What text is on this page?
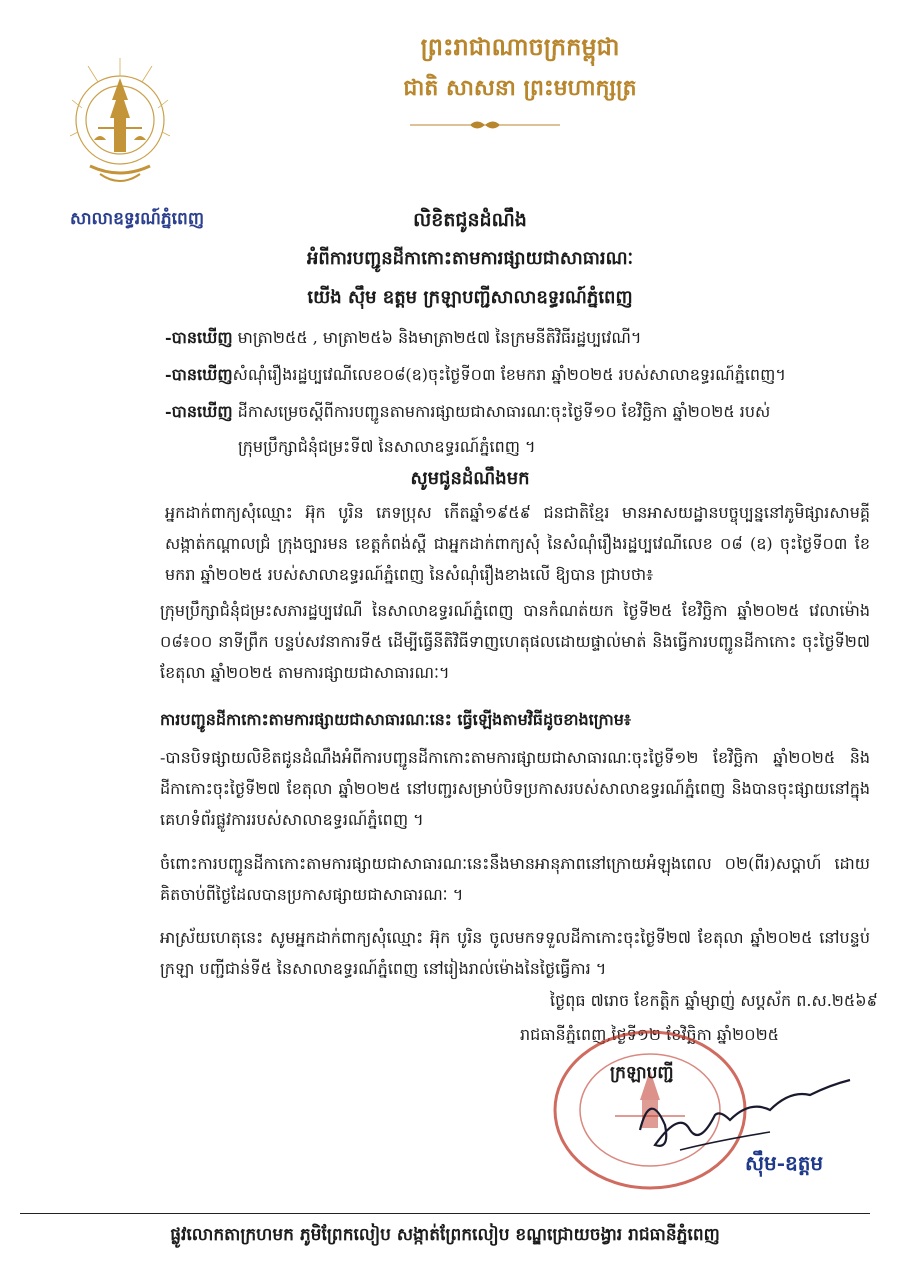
សាលាឧទ្ធរណ៍ភ្នំពេញ
ព្រះរាជាណាចក្រកម្ពុជា
ជាតិ សាសនា ព្រះមហាក្សត្រ
លិខិតជូនដំណឹង
អំពីការបញ្ជូនដីកាកោះតាមការផ្សាយជាសាធារណៈ
យើង ស៊ឹម ឧត្តម ក្រឡាបញ្ជីសាលាឧទ្ធរណ៍ភ្នំពេញ
-បានឃើញ មាត្រា២៥៥ , មាត្រា២៥៦ និងមាត្រា២៥៧ នៃក្រមនីតិវិធីរដ្ឋប្បវេណី។
-បានឃើញសំណុំរឿងរដ្ឋប្បវេណីលេខ០៨(ឧ)ចុះថ្ងៃទី០៣ ខែមករា ឆ្នាំ២០២៥ របស់សាលាឧទ្ធរណ៍ភ្នំពេញ។
-បានឃើញ ដីកាសម្រេចស្តីពីការបញ្ជូនតាមការផ្សាយជាសាធារណៈចុះថ្ងៃទី១០ ខែវិច្ឆិកា ឆ្នាំ២០២៥ របស់
ក្រុមប្រឹក្សាជំនុំជម្រះទី៧ នៃសាលាឧទ្ធរណ៍ភ្នំពេញ ។
សូមជូនដំណឹងមក
អ្នកដាក់ពាក្យសុំឈ្មោះ អ៊ុក បូរិន ភេទប្រុស កើតឆ្នាំ១៩៥៩ ជនជាតិខ្មែរ មានអាសយដ្ឋានបច្ចុប្បន្ននៅភូមិផ្សារសាមគ្គី សង្កាត់កណ្តាលជ្រំ ក្រុងច្បារមន ខេត្តកំពង់ស្ពឺ ជាអ្នកដាក់ពាក្យសុំ នៃសំណុំរឿងរដ្ឋប្បវេណីលេខ ០៨ (ឧ) ចុះថ្ងៃទី០៣ ខែមករា ឆ្នាំ២០២៥ របស់សាលាឧទ្ធរណ៍ភ្នំពេញ នៃសំណុំរឿងខាងលើ ឱ្យបាន ជ្រាបថា៖
ក្រុមប្រឹក្សាជំនុំជម្រះសភារដ្ឋប្បវេណី នៃសាលាឧទ្ធរណ៍ភ្នំពេញ បានកំណត់យក ថ្ងៃទី២៥ ខែវិច្ឆិកា ឆ្នាំ២០២៥ វេលាម៉ោង ០៨៖០០ នាទីព្រឹក បន្ទប់សវនាការទី៥ ដើម្បីធ្វើនីតិវិធីទាញហេតុផលដោយផ្ទាល់មាត់ និងធ្វើការបញ្ជូនដីកាកោះ ចុះថ្ងៃទី២៧ ខែតុលា ឆ្នាំ២០២៥ តាមការផ្សាយជាសាធារណៈ។
ការបញ្ជូនដីកាកោះតាមការផ្សាយជាសាធារណៈនេះ ធ្វើឡើងតាមវិធីដូចខាងក្រោម៖
-បានបិទផ្សាយលិខិតជូនដំណឹងអំពីការបញ្ជូនដីកាកោះតាមការផ្សាយជាសាធារណៈចុះថ្ងៃទី១២ ខែវិច្ឆិកា ឆ្នាំ២០២៥ និងដីកាកោះចុះថ្ងៃទី២៧ ខែតុលា ឆ្នាំ២០២៥ នៅបញ្ជរសម្រាប់បិទប្រកាសរបស់សាលាឧទ្ធរណ៍ភ្នំពេញ និងបានចុះផ្សាយនៅក្នុងគេហទំព័រផ្លូវការរបស់សាលាឧទ្ធរណ៍ភ្នំពេញ ។
ចំពោះការបញ្ជូនដីកាកោះតាមការផ្សាយជាសាធារណៈនេះនឹងមានអានុភាពនៅក្រោយអំឡុងពេល ០២(ពីរ)សប្តាហ៍ ដោយគិតចាប់ពីថ្ងៃដែលបានប្រកាសផ្សាយជាសាធារណៈ ។
អាស្រ័យហេតុនេះ សូមអ្នកដាក់ពាក្យសុំឈ្មោះ អ៊ុក បូរិន ចូលមកទទួលដីកាកោះចុះថ្ងៃទី២៧ ខែតុលា ឆ្នាំ២០២៥ នៅបន្ទប់ក្រឡា បញ្ជីជាន់ទី៥ នៃសាលាឧទ្ធរណ៍ភ្នំពេញ នៅរៀងរាល់ម៉ោងនៃថ្ងៃធ្វើការ ។
ថ្ងៃពុធ ៧រោច ខែកត្តិក ឆ្នាំម្សាញ់ សប្តស័ក ព.ស.២៥៦៩
រាជធានីភ្នំពេញ,ថ្ងៃទី១២ ខែវិច្ឆិកា ឆ្នាំ២០២៥
ក្រឡាបញ្ជី
ស៊ឹម-ឧត្តម
ផ្លូវលោកតាក្រហមក ភូមិព្រែកលៀប សង្កាត់ព្រែកលៀប ខណ្ឌជ្រោយចង្វារ រាជធានីភ្នំពេញ
